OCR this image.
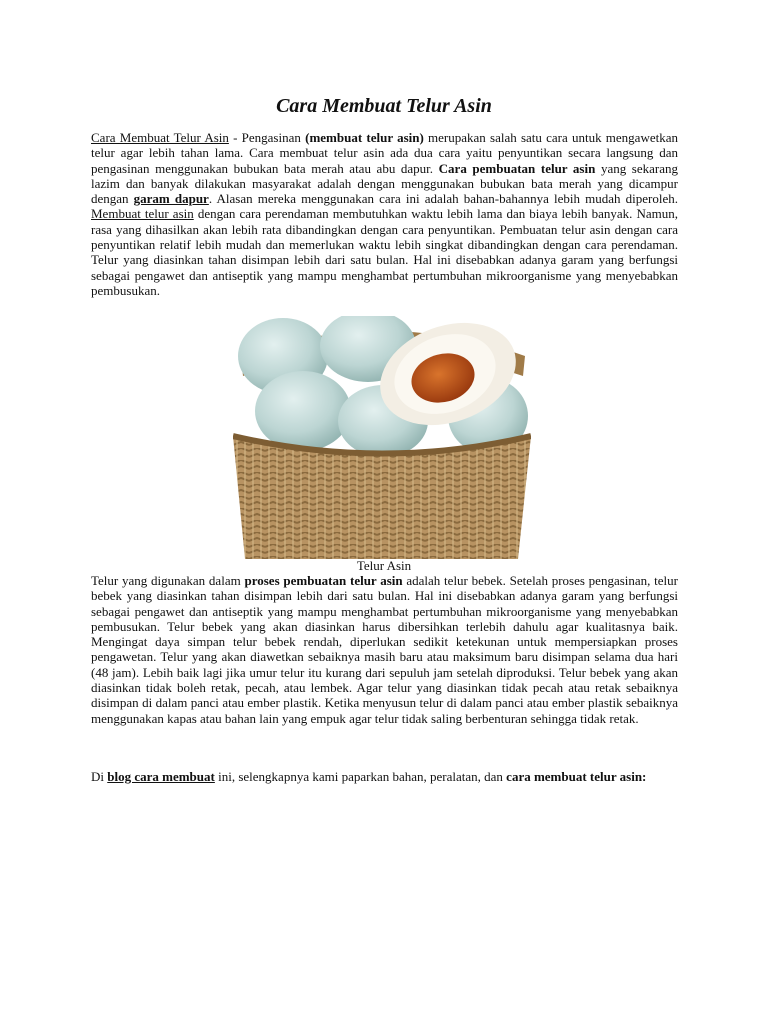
Cara Membuat Telur Asin

Cara Membuat Telur Asin - Pengasinan (membuat telur asin) merupakan salah satu cara untuk mengawetkan telur agar lebih tahan lama. Cara membuat telur asin ada dua cara yaitu penyuntikan secara langsung dan pengasinan menggunakan bubukan bata merah atau abu dapur. Cara pembuatan telur asin yang sekarang lazim dan banyak dilakukan masyarakat adalah dengan menggunakan bubukan bata merah yang dicampur dengan garam dapur. Alasan mereka menggunakan cara ini adalah bahan-bahannya lebih mudah diperoleh. Membuat telur asin dengan cara perendaman membutuhkan waktu lebih lama dan biaya lebih banyak. Namun, rasa yang dihasilkan akan lebih rata dibandingkan dengan cara penyuntikan. Pembuatan telur asin dengan cara penyuntikan relatif lebih mudah dan memerlukan waktu lebih singkat dibandingkan dengan cara perendaman. Telur yang diasinkan tahan disimpan lebih dari satu bulan. Hal ini disebabkan adanya garam yang berfungsi sebagai pengawet dan antiseptik yang mampu menghambat pertumbuhan mikroorganisme yang menyebabkan pembusukan.

Telur Asin

Telur yang digunakan dalam proses pembuatan telur asin adalah telur bebek. Setelah proses pengasinan, telur bebek yang diasinkan tahan disimpan lebih dari satu bulan. Hal ini disebabkan adanya garam yang berfungsi sebagai pengawet dan antiseptik yang mampu menghambat pertumbuhan mikroorganisme yang menyebabkan pembusukan. Telur bebek yang akan diasinkan harus dibersihkan terlebih dahulu agar kualitasnya baik. Mengingat daya simpan telur bebek rendah, diperlukan sedikit ketekunan untuk mempersiapkan proses pengawetan. Telur yang akan diawetkan sebaiknya masih baru atau maksimum baru disimpan selama dua hari (48 jam). Lebih baik lagi jika umur telur itu kurang dari sepuluh jam setelah diproduksi. Telur bebek yang akan diasinkan tidak boleh retak, pecah, atau lembek. Agar telur yang diasinkan tidak pecah atau retak sebaiknya disimpan di dalam panci atau ember plastik. Ketika menyusun telur di dalam panci atau ember plastik sebaiknya menggunakan kapas atau bahan lain yang empuk agar telur tidak saling berbenturan sehingga tidak retak.

Di blog cara membuat ini, selengkapnya kami paparkan bahan, peralatan, dan cara membuat telur asin:
